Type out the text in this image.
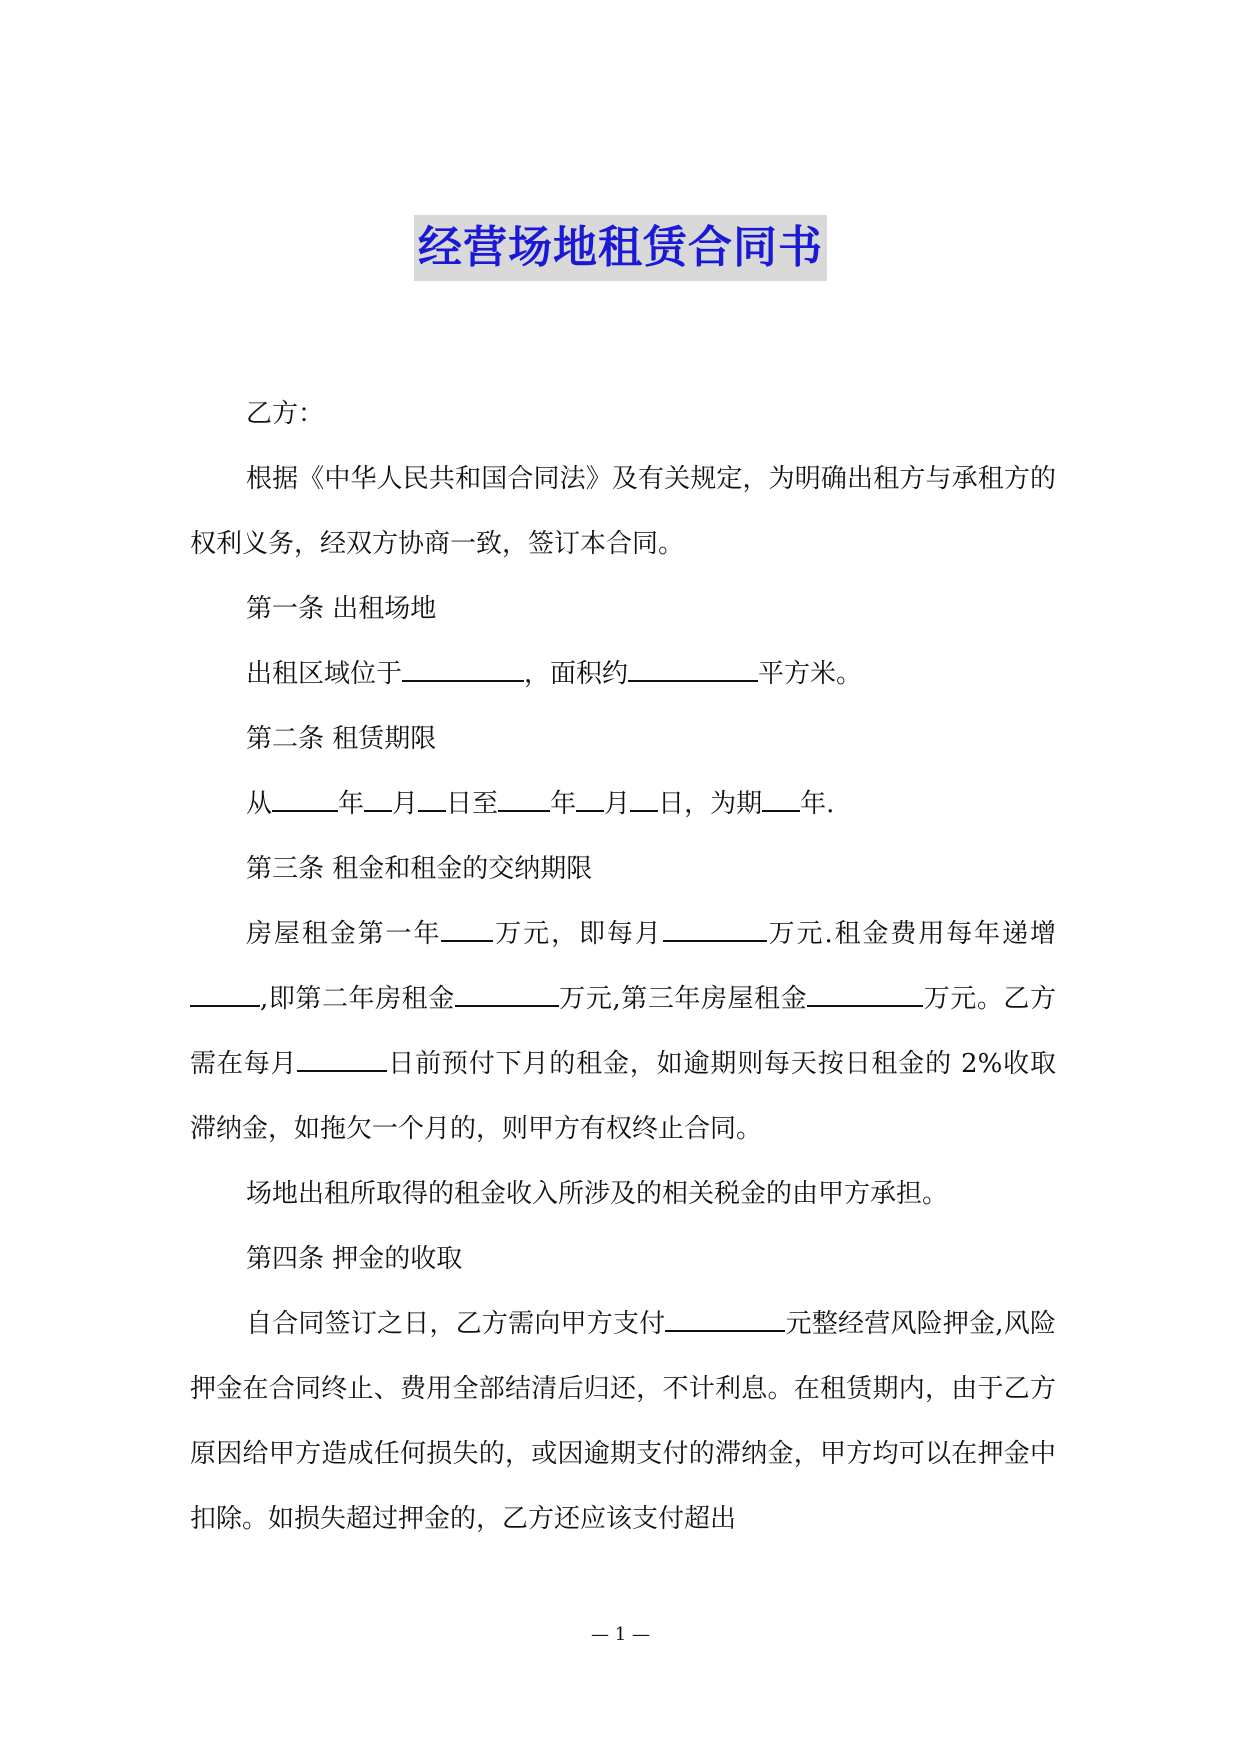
经营场地租赁合同书

乙方：

根据《中华人民共和国合同法》及有关规定，为明确出租方与承租方的权利义务，经双方协商一致，签订本合同。

第一条 出租场地

出租区域位于	，面积约	平方米。

第二条 租赁期限

从	年 月 日至 年 月 日，为期 年.

第三条 租金和租金的交纳期限

房屋租金第一年 万元，即每月	万元.租金费用每年递增,即第二年房租金	万元,第三年房屋租金	万元。乙方需在每月	日前预付下月的租金，如逾期则每天按日租金的 2%收取滞纳金，如拖欠一个月的，则甲方有权终止合同。

场地出租所取得的租金收入所涉及的相关税金的由甲方承担。

第四条 押金的收取

自合同签订之日，乙方需向甲方支付	元整经营风险押金,风险押金在合同终止、费用全部结清后归还，不计利息。在租赁期内，由于乙方原因给甲方造成任何损失的，或因逾期支付的滞纳金，甲方均可以在押金中扣除。如损失超过押金的，乙方还应该支付超出

— 1 —
